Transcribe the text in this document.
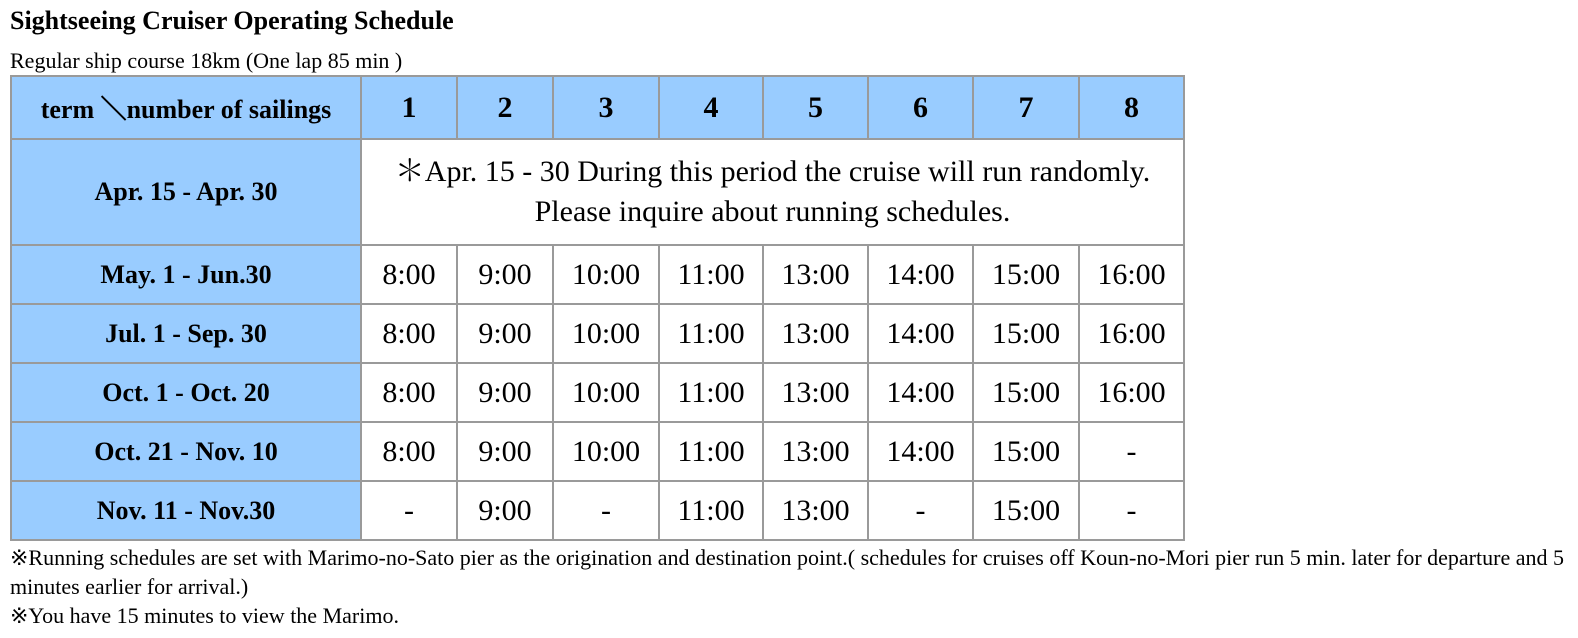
Sightseeing Cruiser Operating Schedule
Regular ship course 18km (One lap 85 min )
term ＼number of sailings	1	2	3	4	5	6	7	8
Apr. 15 - Apr. 30	＊Apr. 15 - 30 During this period the cruise will run randomly.
Please inquire about running schedules.							

May. 1 - Jun.30	8:00	9:00	10:00	11:00	13:00	14:00	15:00	16:00
Jul. 1 - Sep. 30	8:00	9:00	10:00	11:00	13:00	14:00	15:00	16:00
Oct. 1 - Oct. 20	8:00	9:00	10:00	11:00	13:00	14:00	15:00	16:00
Oct. 21 - Nov. 10	8:00	9:00	10:00	11:00	13:00	14:00	15:00	-
Nov. 11 - Nov.30	-	9:00	-	11:00	13:00	-	15:00	-

※Running schedules are set with Marimo-no-Sato pier as the origination and destination point.( schedules for cruises off Koun-no-Mori pier run 5 min. later for departure and 5 minutes earlier for arrival.)

※You have 15 minutes to view the Marimo.
